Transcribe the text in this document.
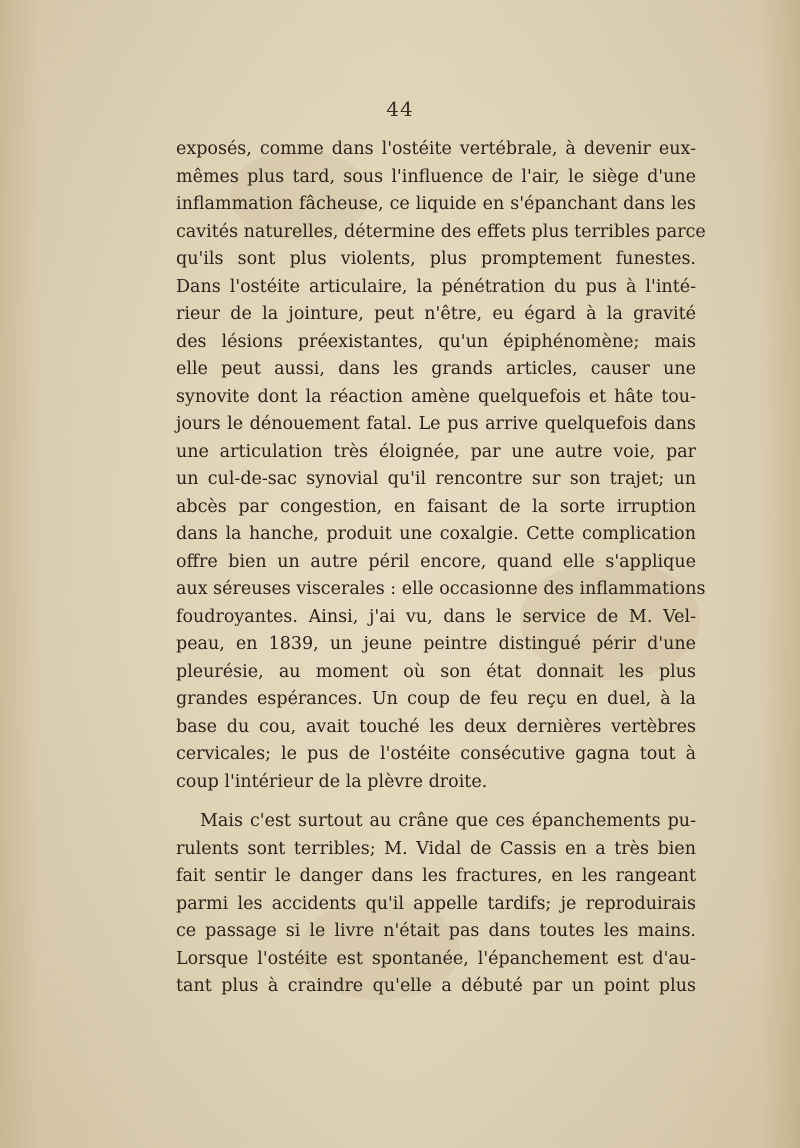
44

exposés, comme dans l'ostéite vertébrale, à devenir eux-
mêmes plus tard, sous l'influence de l'air, le siège d'une
inflammation fâcheuse, ce liquide en s'épanchant dans les
cavités naturelles, détermine des effets plus terribles parce
qu'ils sont plus violents, plus promptement funestes.
Dans l'ostéite articulaire, la pénétration du pus à l'inté-
rieur de la jointure, peut n'être, eu égard à la gravité
des lésions préexistantes, qu'un épiphénomène; mais
elle peut aussi, dans les grands articles, causer une
synovite dont la réaction amène quelquefois et hâte tou-
jours le dénouement fatal. Le pus arrive quelquefois dans
une articulation très éloignée, par une autre voie, par
un cul-de-sac synovial qu'il rencontre sur son trajet; un
abcès par congestion, en faisant de la sorte irruption
dans la hanche, produit une coxalgie. Cette complication
offre bien un autre péril encore, quand elle s'applique
aux séreuses viscerales : elle occasionne des inflammations
foudroyantes. Ainsi, j'ai vu, dans le service de M. Vel-
peau, en 1839, un jeune peintre distingué périr d'une
pleurésie, au moment où son état donnait les plus
grandes espérances. Un coup de feu reçu en duel, à la
base du cou, avait touché les deux dernières vertèbres
cervicales; le pus de l'ostéite consécutive gagna tout à
coup l'intérieur de la plèvre droite.

Mais c'est surtout au crâne que ces épanchements pu-
rulents sont terribles; M. Vidal de Cassis en a très bien
fait sentir le danger dans les fractures, en les rangeant
parmi les accidents qu'il appelle tardifs; je reproduirais
ce passage si le livre n'était pas dans toutes les mains.
Lorsque l'ostéite est spontanée, l'épanchement est d'au-
tant plus à craindre qu'elle a débuté par un point plus
